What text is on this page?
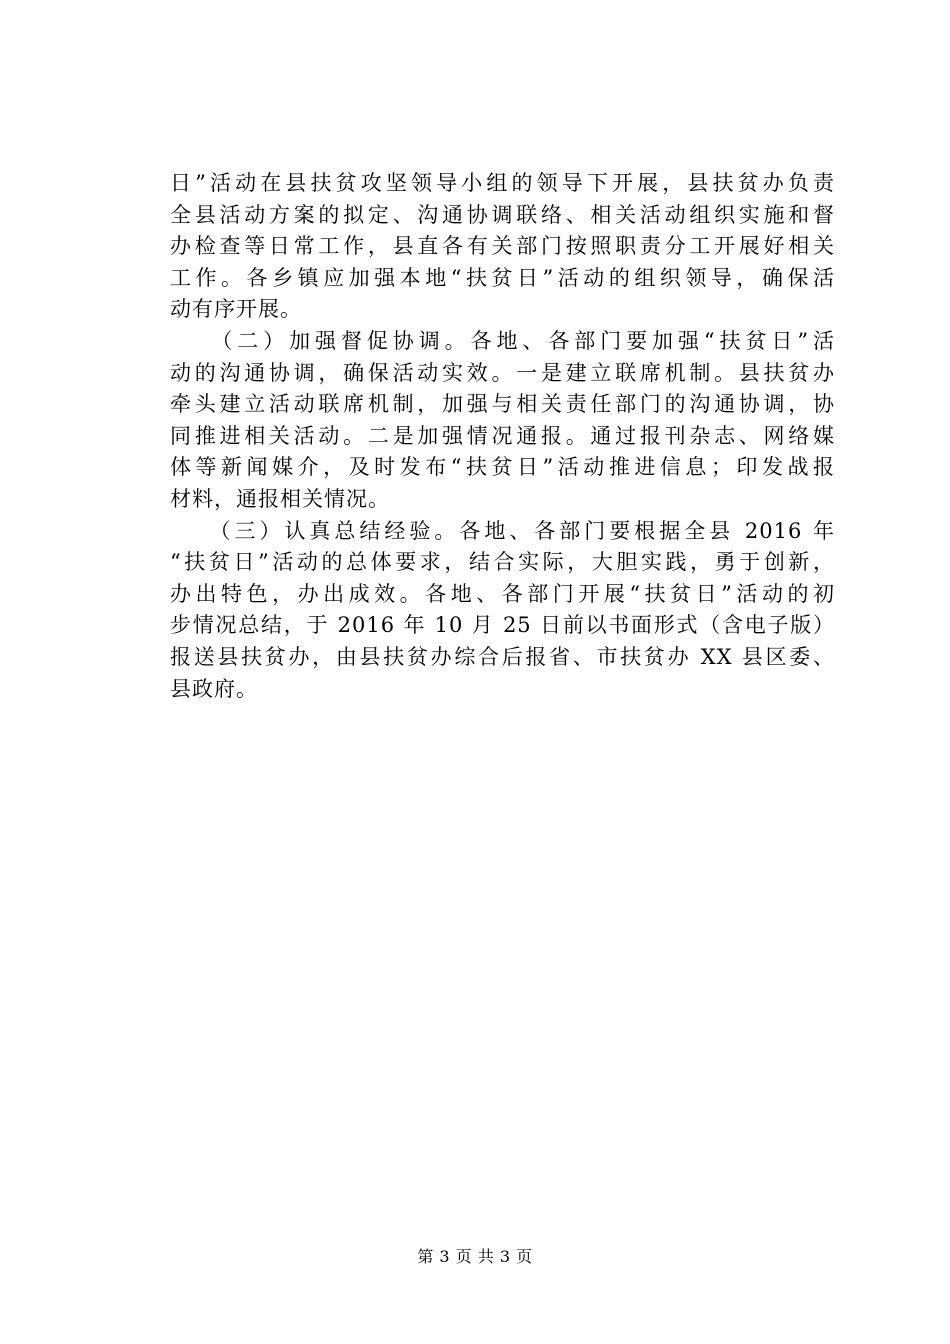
日”活动在县扶贫攻坚领导小组的领导下开展，县扶贫办负责
全县活动方案的拟定、沟通协调联络、相关活动组织实施和督
办检查等日常工作，县直各有关部门按照职责分工开展好相关
工作。各乡镇应加强本地“扶贫日”活动的组织领导，确保活
动有序开展。
　　（二）加强督促协调。各地、各部门要加强“扶贫日”活
动的沟通协调，确保活动实效。一是建立联席机制。县扶贫办
牵头建立活动联席机制，加强与相关责任部门的沟通协调，协
同推进相关活动。二是加强情况通报。通过报刊杂志、网络媒
体等新闻媒介，及时发布“扶贫日”活动推进信息；印发战报
材料，通报相关情况。
　　（三）认真总结经验。各地、各部门要根据全县 2016 年
“扶贫日”活动的总体要求，结合实际，大胆实践，勇于创新，
办出特色，办出成效。各地、各部门开展“扶贫日”活动的初
步情况总结，于 2016 年 10 月 25 日前以书面形式（含电子版）
报送县扶贫办，由县扶贫办综合后报省、市扶贫办 XX 县区委、
县政府。
第 3 页 共 3 页
